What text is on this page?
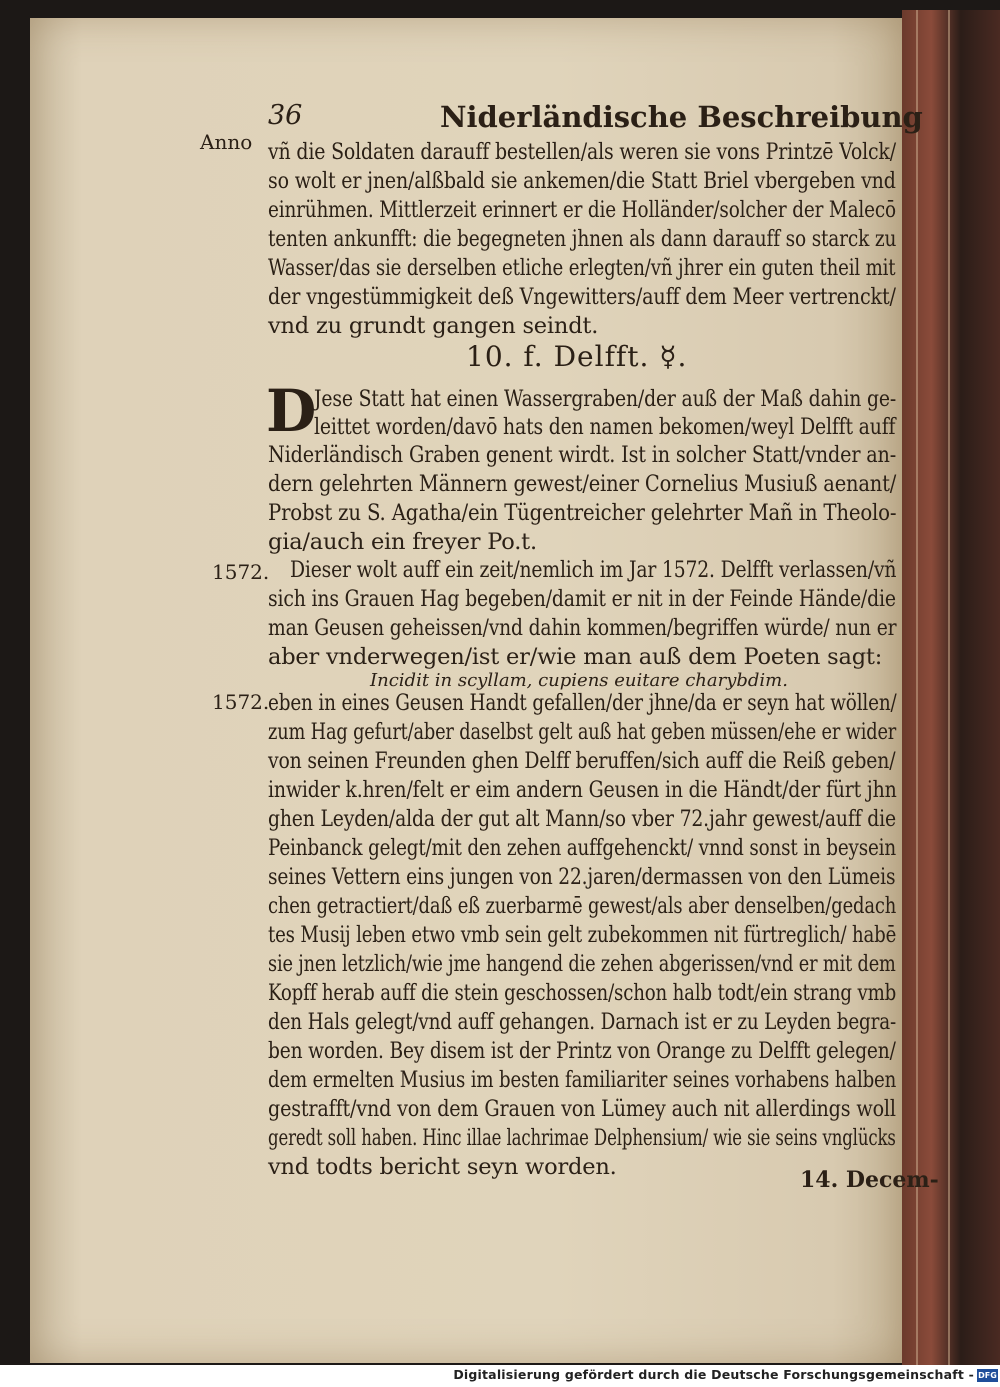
36	Niderländische Beschreibung
Anno vñ die Soldaten darauff bestellen/als weren sie vons Printzē Volck/
so wolt er jnen/alßbald sie ankemen/die Statt Briel vbergeben vnd
einrühmen. Mittlerzeit erinnert er die Holländer/solcher der Malecō
tenten ankunfft: die begegneten jhnen als dann darauff so starck zu
Wasser/das sie derselben etliche erlegten/vñ jhrer ein guten theil mit
der vngestümmigkeit deß Vngewitters/auff dem Meer vertrenckt/
vnd zu grundt gangen seindt.
10. f. Delfft. ☿.
D
Jese Statt hat einen Wassergraben/der auß der Maß dahin ge-
leittet worden/davō hats den namen bekomen/weyl Delfft auff
Niderländisch Graben genent wirdt. Ist in solcher Statt/vnder an-
dern gelehrten Männern gewest/einer Cornelius Musiuß aenant/
Probst zu S. Agatha/ein Tügentreicher gelehrter Mañ in Theolo-
gia/auch ein freyer Po.t.
1572. Dieser wolt auff ein zeit/nemlich im Jar 1572. Delfft verlassen/vñ
sich ins Grauen Hag begeben/damit er nit in der Feinde Hände/die
man Geusen geheissen/vnd dahin kommen/begriffen würde/ nun er
aber vnderwegen/ist er/wie man auß dem Poeten sagt:
Incidit in scyllam, cupiens euitare charybdim.
1572.
eben in eines Geusen Handt gefallen/der jhne/da er seyn hat wöllen/
zum Hag gefurt/aber daselbst gelt auß hat geben müssen/ehe er wider
von seinen Freunden ghen Delff beruffen/sich auff die Reiß geben/
inwider k.hren/felt er eim andern Geusen in die Händt/der fürt jhn
ghen Leyden/alda der gut alt Mann/so vber 72.jahr gewest/auff die
Peinbanck gelegt/mit den zehen auffgehenckt/ vnnd sonst in beysein
seines Vettern eins jungen von 22.jaren/dermassen von den Lümeis
chen getractiert/daß eß zuerbarmē gewest/als aber denselben/gedach
tes Musij leben etwo vmb sein gelt zubekommen nit fürtreglich/ habē
sie jnen letzlich/wie jme hangend die zehen abgerissen/vnd er mit dem
Kopff herab auff die stein geschossen/schon halb todt/ein strang vmb
den Hals gelegt/vnd auff gehangen. Darnach ist er zu Leyden begra-
ben worden. Bey disem ist der Printz von Orange zu Delfft gelegen/
dem ermelten Musius im besten familiariter seines vorhabens halben
gestrafft/vnd von dem Grauen von Lümey auch nit allerdings woll
geredt soll haben. Hinc illae lachrimae Delphensium/ wie sie seins vnglücks
vnd todts bericht seyn worden.	14. Decem-
Digitalisierung gefördert durch die Deutsche Forschungsgemeinschaft - DFG
